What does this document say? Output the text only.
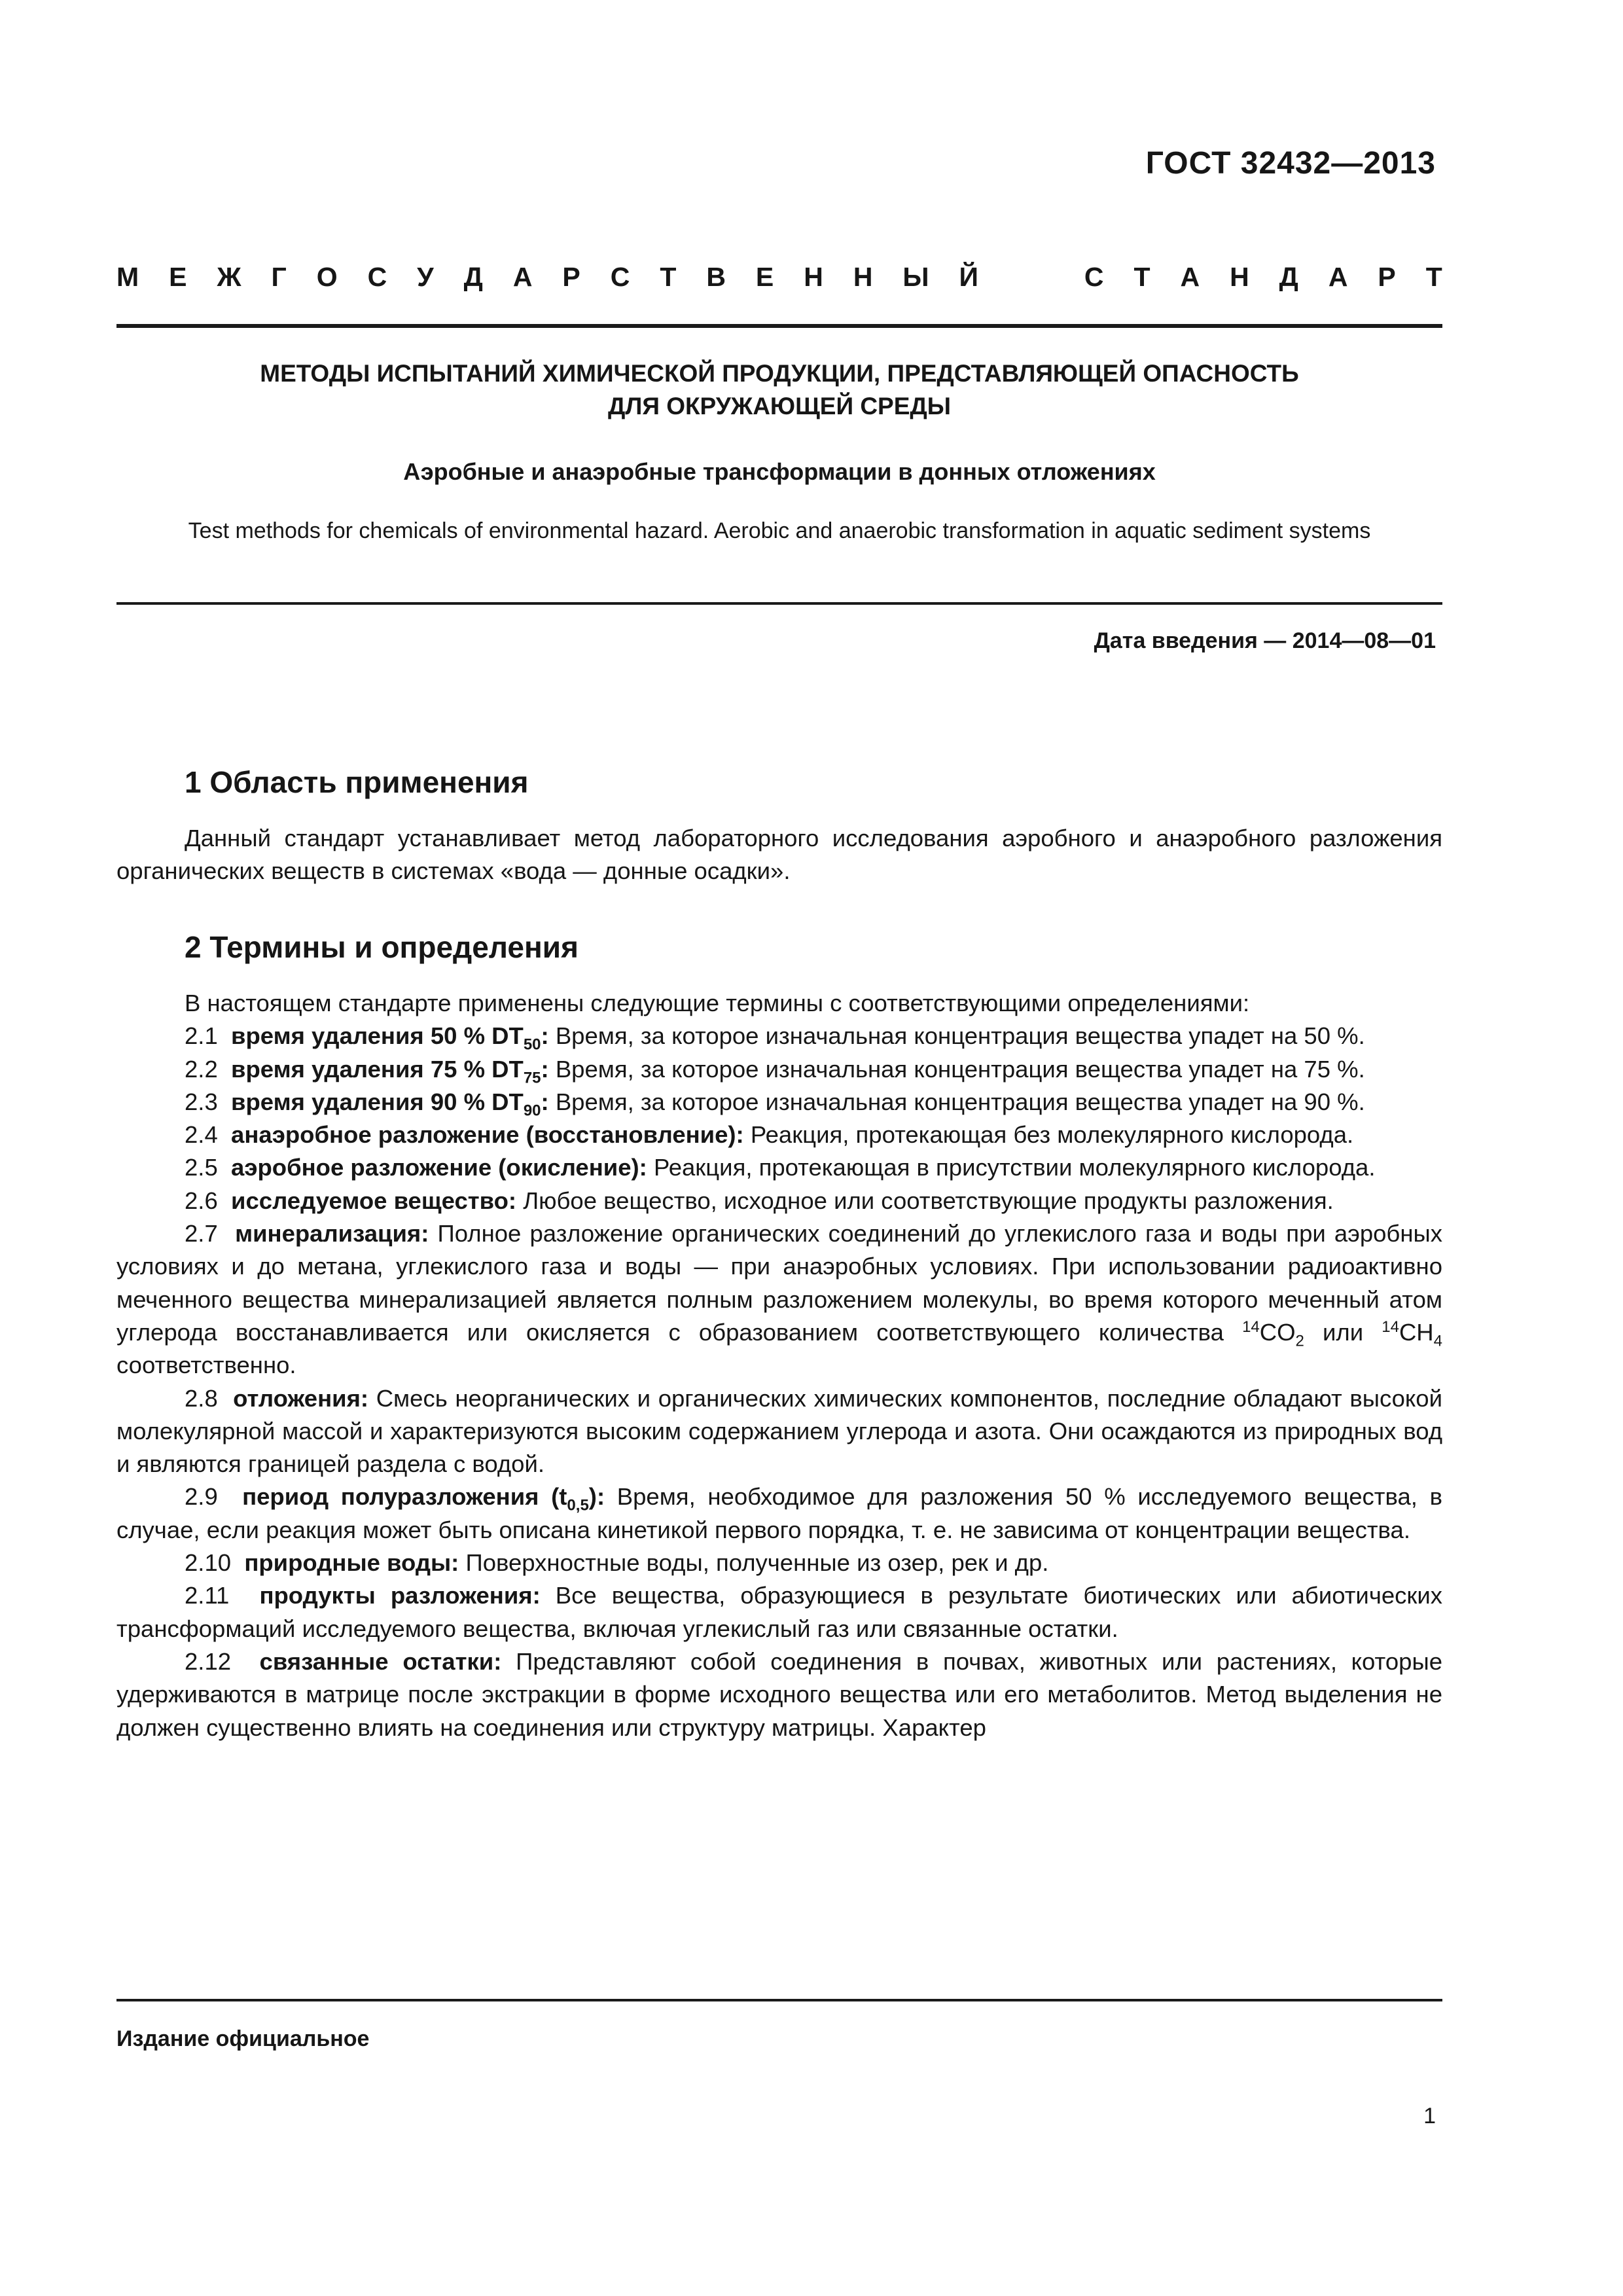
ГОСТ 32432—2013
М Е Ж Г О С У Д А Р С Т В Е Н Н Ы Й	С Т А Н Д А Р Т
МЕТОДЫ ИСПЫТАНИЙ ХИМИЧЕСКОЙ ПРОДУКЦИИ, ПРЕДСТАВЛЯЮЩЕЙ ОПАСНОСТЬ
ДЛЯ ОКРУЖАЮЩЕЙ СРЕДЫ
Аэробные и анаэробные трансформации в донных отложениях
Test methods for chemicals of environmental hazard. Aerobic and anaerobic transformation in aquatic sediment systems
Дата введения — 2014—08—01
1 Область применения

Данный стандарт устанавливает метод лабораторного исследования аэробного и анаэробного разложения органических веществ в системах «вода — донные осадки».

2 Термины и определения

В настоящем стандарте применены следующие термины с соответствующими определениями:

2.1 время удаления 50 % $DT_{50}$: Время, за которое изначальная концентрация вещества упадет на 50 %.

2.2 время удаления 75 % $DT_{75}$: Время, за которое изначальная концентрация вещества упадет на 75 %.

2.3 время удаления 90 % $DT_{90}$: Время, за которое изначальная концентрация вещества упадет на 90 %.

2.4 анаэробное разложение (восстановление): Реакция, протекающая без молекулярного кислорода.

2.5 аэробное разложение (окисление): Реакция, протекающая в присутствии молекулярного кислорода.

2.6 исследуемое вещество: Любое вещество, исходное или соответствующие продукты разложения.

2.7 минерализация: Полное разложение органических соединений до углекислого газа и воды при аэробных условиях и до метана, углекислого газа и воды — при анаэробных условиях. При использовании радиоактивно меченного вещества минерализацией является полным разложением молекулы, во время которого меченный атом углерода восстанавливается или окисляется с образованием соответствующего количества $^{14}CO_2$ или $^{14}CH_4$ соответственно.

2.8 отложения: Смесь неорганических и органических химических компонентов, последние обладают высокой молекулярной массой и характеризуются высоким содержанием углерода и азота. Они осаждаются из природных вод и являются границей раздела с водой.

2.9 период полуразложения $(t_{0,5})$: Время, необходимое для разложения 50 % исследуемого вещества, в случае, если реакция может быть описана кинетикой первого порядка, т. е. не зависима от концентрации вещества.

2.10 природные воды: Поверхностные воды, полученные из озер, рек и др.

2.11 продукты разложения: Все вещества, образующиеся в результате биотических или абиотических трансформаций исследуемого вещества, включая углекислый газ или связанные остатки.

2.12 связанные остатки: Представляют собой соединения в почвах, животных или растениях, которые удерживаются в матрице после экстракции в форме исходного вещества или его метаболитов. Метод выделения не должен существенно влиять на соединения или структуру матрицы. Характер

Издание официальное
1
